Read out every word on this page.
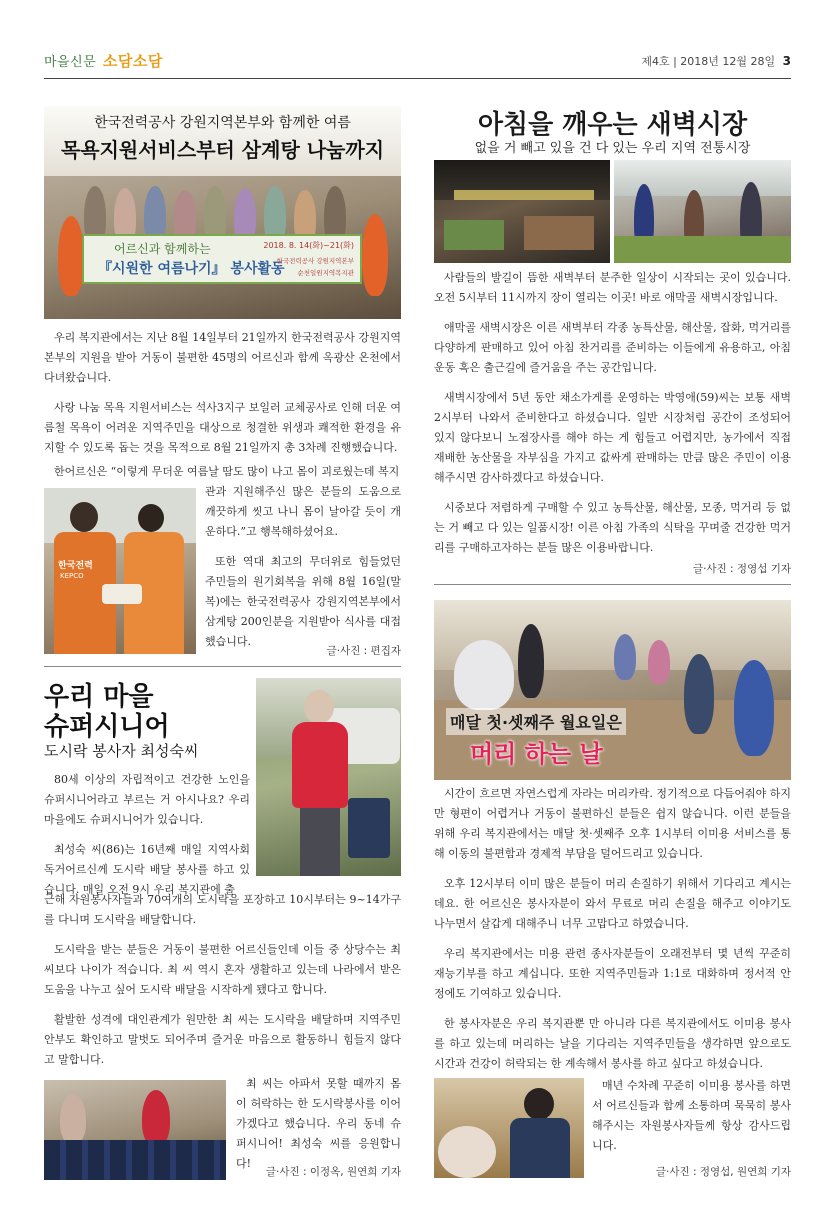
마을신문 소담소담	제4호 | 2018년 12월 28일 3
한국전력공사 강원지역본부와 함께한 여름
목욕지원서비스부터 삼계탕 나눔까지
어르신과 함께하는
『시원한 여름나기』 봉사활동
2018. 8. 14(화)~21(화)
한국전력공사 강원지역본부
순천일원지역복지관

우리 복지관에서는 지난 8월 14일부터 21일까지 한국전력공사 강원지역본부의 지원을 받아 거동이 불편한 45명의 어르신과 함께 옥광산 온천에서 다녀왔습니다.

사랑 나눔 목욕 지원서비스는 석사3지구 보일러 교체공사로 인해 더운 여름철 목욕이 어려운 지역주민을 대상으로 청결한 위생과 쾌적한 환경을 유지할 수 있도록 돕는 것을 목적으로 8월 21일까지 총 3차례 진행했습니다.

한어르신은 “이렇게 무더운 여름날 땀도 많이 나고 몸이 괴로웠는데 복지

한국전력
KEPCO

관과 지원해주신 많은 분들의 도움으로 깨끗하게 씻고 나니 몸이 날아갈 듯이 개운하다.”고 행복해하셨어요.

또한 역대 최고의 무더위로 힘들었던 주민들의 원기회복을 위해 8월 16일(말복)에는 한국전력공사 강원지역본부에서 삼계탕 200인분을 지원받아 식사를 대접했습니다.

글·사진 : 편집자
아침을 깨우는 새벽시장
없을 거 빼고 있을 건 다 있는 우리 지역 전통시장

사람들의 발길이 뜸한 새벽부터 분주한 일상이 시작되는 곳이 있습니다. 오전 5시부터 11시까지 장이 열리는 이곳! 바로 애막골 새벽시장입니다.

애막골 새벽시장은 이른 새벽부터 각종 농특산물, 해산물, 잡화, 먹거리를 다양하게 판매하고 있어 아침 찬거리를 준비하는 이들에게 유용하고, 아침 운동 혹은 출근길에 즐거움을 주는 공간입니다.

새벽시장에서 5년 동안 채소가게를 운영하는 박영애(59)씨는 보통 새벽 2시부터 나와서 준비한다고 하셨습니다. 일반 시장처럼 공간이 조성되어 있지 않다보니 노점장사를 해야 하는 게 힘들고 어렵지만, 농가에서 직접 재배한 농산물을 자부심을 가지고 값싸게 판매하는 만큼 많은 주민이 이용해주시면 감사하겠다고 하셨습니다.

시중보다 저렴하게 구매할 수 있고 농특산물, 해산물, 모종, 먹거리 등 없는 거 빼고 다 있는 일품시장! 이른 아침 가족의 식탁을 꾸며줄 건강한 먹거리를 구매하고자하는 분들 많은 이용바랍니다.

글·사진 : 정영섭 기자
우리 마을
슈퍼시니어
도시락 봉사자 최성숙씨

80세 이상의 자립적이고 건강한 노인을 슈퍼시니어라고 부르는 거 아시나요? 우리 마을에도 슈퍼시니어가 있습니다.

최성숙 씨(86)는 16년째 매일 지역사회 독거어르신께 도시락 배달 봉사를 하고 있습니다. 매일 오전 9시 우리 복지관에 출

근해 자원봉사자들과 70여개의 도시락을 포장하고 10시부터는 9~14가구를 다니며 도시락을 배달합니다.

도시락을 받는 분들은 거동이 불편한 어르신들인데 이들 중 상당수는 최 씨보다 나이가 적습니다. 최 씨 역시 혼자 생활하고 있는데 나라에서 받은 도움을 나누고 싶어 도시락 배달을 시작하게 됐다고 합니다.

활발한 성격에 대인관계가 원만한 최 씨는 도시락을 배달하며 지역주민 안부도 확인하고 말벗도 되어주며 즐거운 마음으로 활동하니 힘들지 않다고 말합니다.

최 씨는 아파서 못할 때까지 몸이 허락하는 한 도시락봉사를 이어가겠다고 했습니다. 우리 동네 슈퍼시니어! 최성숙 씨를 응원합니다!

글·사진 : 이정옥, 원연희 기자
매달 첫·셋째주 월요일은
머리 하는 날

시간이 흐르면 자연스럽게 자라는 머리카락. 정기적으로 다듬어줘야 하지만 형편이 어렵거나 거동이 불편하신 분들은 쉽지 않습니다. 이런 분들을 위해 우리 복지관에서는 매달 첫·셋째주 오후 1시부터 이미용 서비스를 통해 이동의 불편함과 경제적 부담을 덜어드리고 있습니다.

오후 12시부터 이미 많은 분들이 머리 손질하기 위해서 기다리고 계시는데요. 한 어르신은 봉사자분이 와서 무료로 머리 손질을 해주고 이야기도 나누면서 살갑게 대해주니 너무 고맙다고 하였습니다.

우리 복지관에서는 미용 관련 종사자분들이 오래전부터 몇 년씩 꾸준히 재능기부를 하고 계십니다. 또한 지역주민들과 1:1로 대화하며 정서적 안정에도 기여하고 있습니다.

한 봉사자분은 우리 복지관뿐 만 아니라 다른 복지관에서도 이미용 봉사를 하고 있는데 머리하는 날을 기다리는 지역주민들을 생각하면 앞으로도 시간과 건강이 허락되는 한 계속해서 봉사를 하고 싶다고 하셨습니다.

매년 수차례 꾸준히 이미용 봉사를 하면서 어르신들과 함께 소통하며 묵묵히 봉사해주시는 자원봉사자들께 항상 감사드립니다.

글·사진 : 정영섭, 원연희 기자
